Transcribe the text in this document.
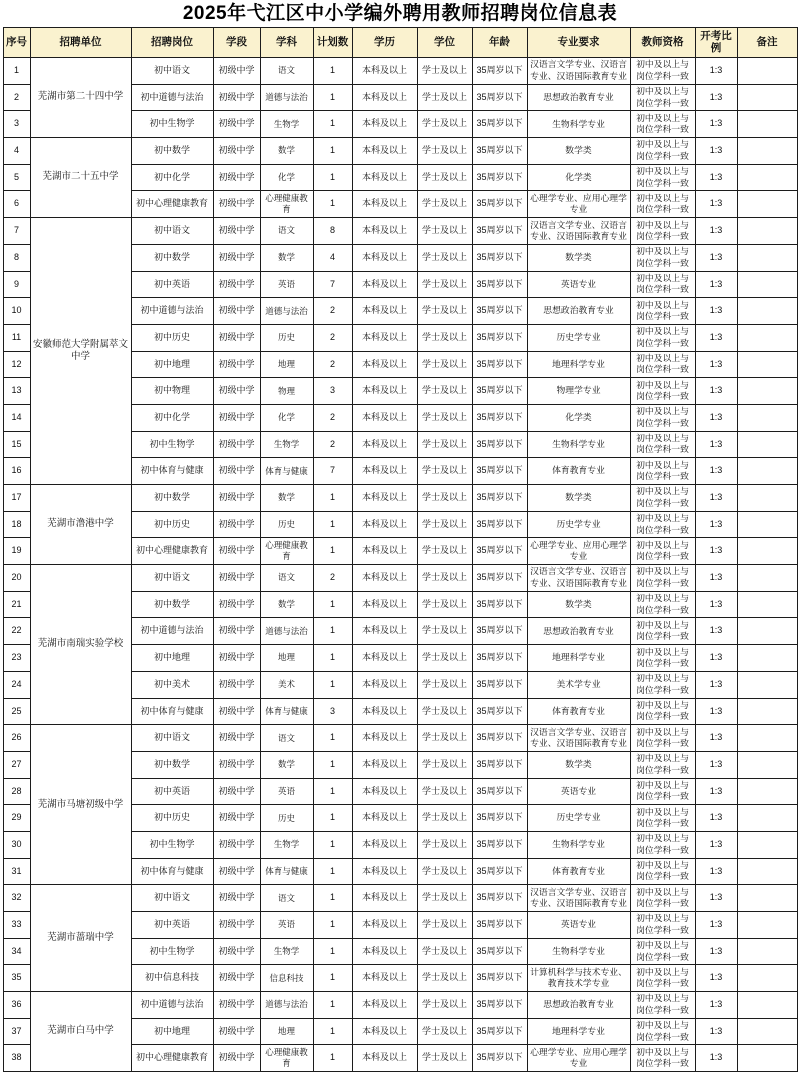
2025年弋江区中小学编外聘用教师招聘岗位信息表
序号	招聘单位	招聘岗位	学段	学科	计划数	学历	学位	年龄	专业要求	教师资格	开考比例	备注
1	芜湖市第二十四中学	初中语文	初级中学	语文	1	本科及以上	学士及以上	35周岁以下	汉语言文学专业、汉语言专业、汉语国际教育专业	初中及以上与岗位学科一致	1:3	
2		初中道德与法治	初级中学	道德与法治	1	本科及以上	学士及以上	35周岁以下	思想政治教育专业	初中及以上与岗位学科一致	1:3	
3		初中生物学	初级中学	生物学	1	本科及以上	学士及以上	35周岁以下	生物科学专业	初中及以上与岗位学科一致	1:3	
4	芜湖市二十五中学	初中数学	初级中学	数学	1	本科及以上	学士及以上	35周岁以下	数学类	初中及以上与岗位学科一致	1:3	
5		初中化学	初级中学	化学	1	本科及以上	学士及以上	35周岁以下	化学类	初中及以上与岗位学科一致	1:3	
6		初中心理健康教育	初级中学	心理健康教育	1	本科及以上	学士及以上	35周岁以下	心理学专业、应用心理学专业	初中及以上与岗位学科一致	1:3	
7	安徽师范大学附属萃文中学	初中语文	初级中学	语文	8	本科及以上	学士及以上	35周岁以下	汉语言文学专业、汉语言专业、汉语国际教育专业	初中及以上与岗位学科一致	1:3	
8		初中数学	初级中学	数学	4	本科及以上	学士及以上	35周岁以下	数学类	初中及以上与岗位学科一致	1:3	
9		初中英语	初级中学	英语	7	本科及以上	学士及以上	35周岁以下	英语专业	初中及以上与岗位学科一致	1:3	
10		初中道德与法治	初级中学	道德与法治	2	本科及以上	学士及以上	35周岁以下	思想政治教育专业	初中及以上与岗位学科一致	1:3	
11		初中历史	初级中学	历史	2	本科及以上	学士及以上	35周岁以下	历史学专业	初中及以上与岗位学科一致	1:3	
12		初中地理	初级中学	地理	2	本科及以上	学士及以上	35周岁以下	地理科学专业	初中及以上与岗位学科一致	1:3	
13		初中物理	初级中学	物理	3	本科及以上	学士及以上	35周岁以下	物理学专业	初中及以上与岗位学科一致	1:3	
14		初中化学	初级中学	化学	2	本科及以上	学士及以上	35周岁以下	化学类	初中及以上与岗位学科一致	1:3	
15		初中生物学	初级中学	生物学	2	本科及以上	学士及以上	35周岁以下	生物科学专业	初中及以上与岗位学科一致	1:3	
16		初中体育与健康	初级中学	体育与健康	7	本科及以上	学士及以上	35周岁以下	体育教育专业	初中及以上与岗位学科一致	1:3	
17	芜湖市澛港中学	初中数学	初级中学	数学	1	本科及以上	学士及以上	35周岁以下	数学类	初中及以上与岗位学科一致	1:3	
18		初中历史	初级中学	历史	1	本科及以上	学士及以上	35周岁以下	历史学专业	初中及以上与岗位学科一致	1:3	
19		初中心理健康教育	初级中学	心理健康教育	1	本科及以上	学士及以上	35周岁以下	心理学专业、应用心理学专业	初中及以上与岗位学科一致	1:3	
20	芜湖市南瑞实验学校	初中语文	初级中学	语文	2	本科及以上	学士及以上	35周岁以下	汉语言文学专业、汉语言专业、汉语国际教育专业	初中及以上与岗位学科一致	1:3	
21		初中数学	初级中学	数学	1	本科及以上	学士及以上	35周岁以下	数学类	初中及以上与岗位学科一致	1:3	
22		初中道德与法治	初级中学	道德与法治	1	本科及以上	学士及以上	35周岁以下	思想政治教育专业	初中及以上与岗位学科一致	1:3	
23		初中地理	初级中学	地理	1	本科及以上	学士及以上	35周岁以下	地理科学专业	初中及以上与岗位学科一致	1:3	
24		初中美术	初级中学	美术	1	本科及以上	学士及以上	35周岁以下	美术学专业	初中及以上与岗位学科一致	1:3	
25		初中体育与健康	初级中学	体育与健康	3	本科及以上	学士及以上	35周岁以下	体育教育专业	初中及以上与岗位学科一致	1:3	
26	芜湖市马塘初级中学	初中语文	初级中学	语文	1	本科及以上	学士及以上	35周岁以下	汉语言文学专业、汉语言专业、汉语国际教育专业	初中及以上与岗位学科一致	1:3	
27		初中数学	初级中学	数学	1	本科及以上	学士及以上	35周岁以下	数学类	初中及以上与岗位学科一致	1:3	
28		初中英语	初级中学	英语	1	本科及以上	学士及以上	35周岁以下	英语专业	初中及以上与岗位学科一致	1:3	
29		初中历史	初级中学	历史	1	本科及以上	学士及以上	35周岁以下	历史学专业	初中及以上与岗位学科一致	1:3	
30		初中生物学	初级中学	生物学	1	本科及以上	学士及以上	35周岁以下	生物科学专业	初中及以上与岗位学科一致	1:3	
31		初中体育与健康	初级中学	体育与健康	1	本科及以上	学士及以上	35周岁以下	体育教育专业	初中及以上与岗位学科一致	1:3	
32	芜湖市蔷瑞中学	初中语文	初级中学	语文	1	本科及以上	学士及以上	35周岁以下	汉语言文学专业、汉语言专业、汉语国际教育专业	初中及以上与岗位学科一致	1:3	
33		初中英语	初级中学	英语	1	本科及以上	学士及以上	35周岁以下	英语专业	初中及以上与岗位学科一致	1:3	
34		初中生物学	初级中学	生物学	1	本科及以上	学士及以上	35周岁以下	生物科学专业	初中及以上与岗位学科一致	1:3	
35		初中信息科技	初级中学	信息科技	1	本科及以上	学士及以上	35周岁以下	计算机科学与技术专业、教育技术学专业	初中及以上与岗位学科一致	1:3	
36	芜湖市白马中学	初中道德与法治	初级中学	道德与法治	1	本科及以上	学士及以上	35周岁以下	思想政治教育专业	初中及以上与岗位学科一致	1:3	
37		初中地理	初级中学	地理	1	本科及以上	学士及以上	35周岁以下	地理科学专业	初中及以上与岗位学科一致	1:3	
38		初中心理健康教育	初级中学	心理健康教育	1	本科及以上	学士及以上	35周岁以下	心理学专业、应用心理学专业	初中及以上与岗位学科一致	1:3	
